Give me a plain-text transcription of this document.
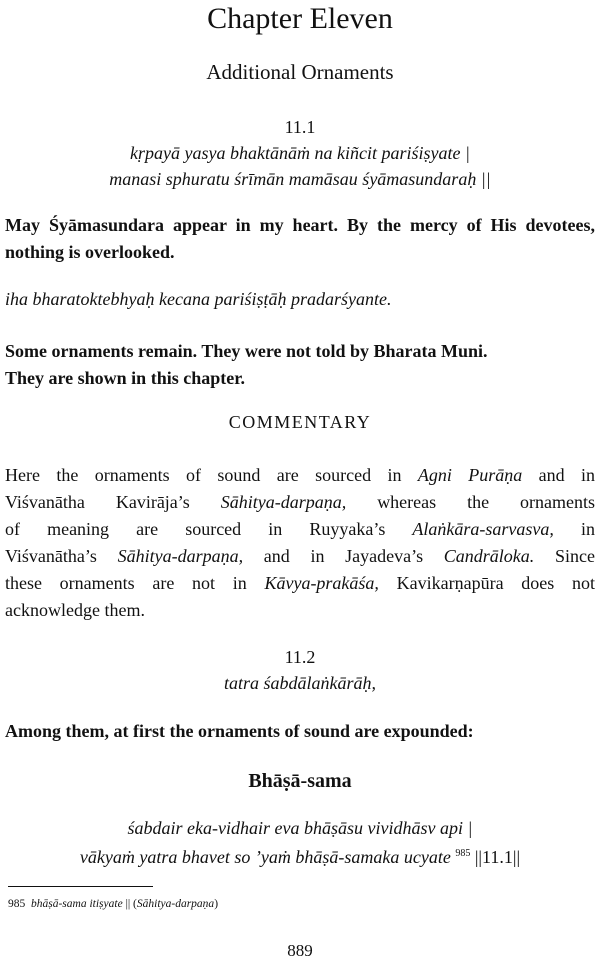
Chapter Eleven
Additional Ornaments
11.1
kṛpayā yasya bhaktānāṁ na kiñcit pariśiṣyate |
manasi sphuratu śrīmān mamāsau śyāmasundaraḥ ||
May Śyāmasundara appear in my heart. By the mercy of His devotees, nothing is overlooked.
iha bharatoktebhyaḥ kecana pariśiṣṭāḥ pradarśyante.
Some ornaments remain. They were not told by Bharata Muni.
They are shown in this chapter.
COMMENTARY
Here the ornaments of sound are sourced in Agni Purāṇa and in
Viśvanātha Kavirāja’s Sāhitya-darpaṇa, whereas the ornaments
of meaning are sourced in Ruyyaka’s Alaṅkāra-sarvasva, in
Viśvanātha’s Sāhitya-darpaṇa, and in Jayadeva’s Candrāloka. Since
these ornaments are not in Kāvya-prakāśa, Kavikarṇapūra does not
acknowledge them.
11.2
tatra śabdālaṅkārāḥ,
Among them, at first the ornaments of sound are expounded:
Bhāṣā-sama
śabdair eka-vidhair eva bhāṣāsu vividhāsv api |
vākyaṁ yatra bhavet so ’yaṁ bhāṣā-samaka ucyate $^{985}$ ||11.1||
985 bhāṣā-sama itiṣyate || (Sāhitya-darpaṇa)
889
